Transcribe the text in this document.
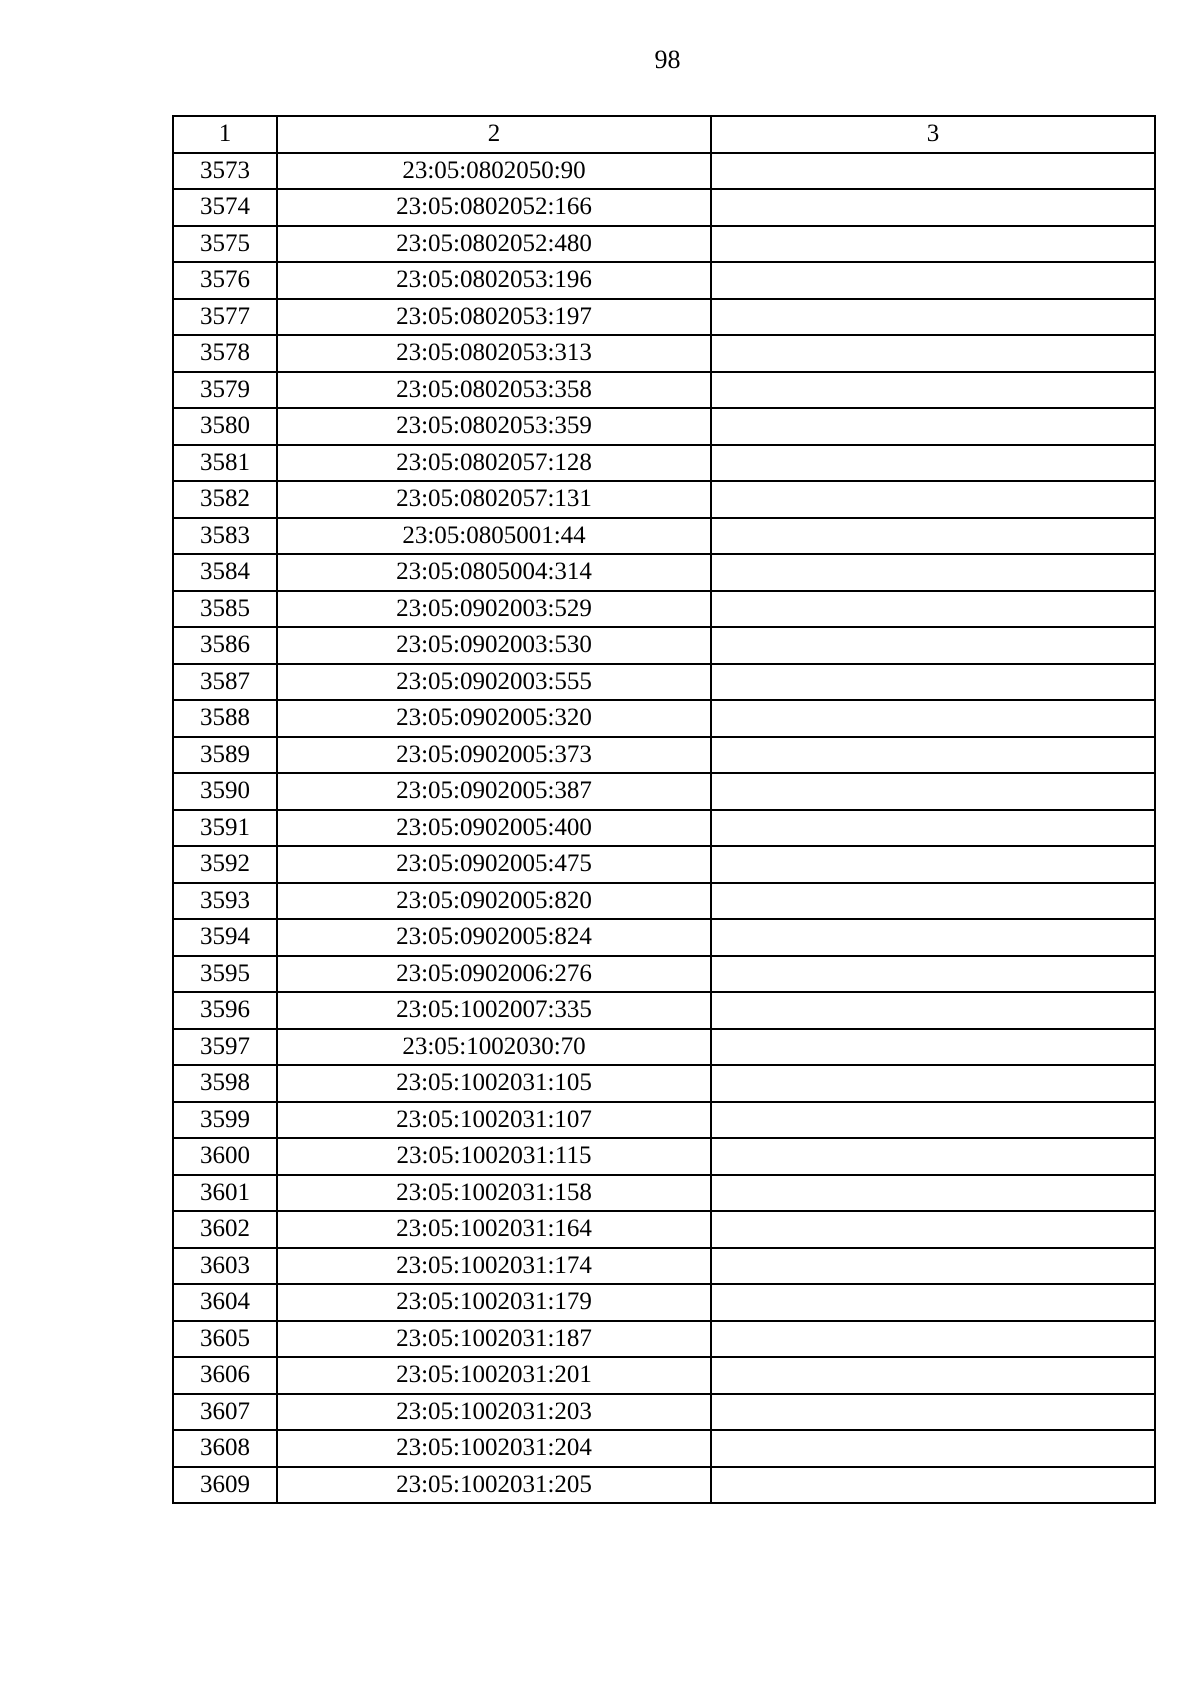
98
1	2	3
3573	23:05:0802050:90	
3574	23:05:0802052:166	
3575	23:05:0802052:480	
3576	23:05:0802053:196	
3577	23:05:0802053:197	
3578	23:05:0802053:313	
3579	23:05:0802053:358	
3580	23:05:0802053:359	
3581	23:05:0802057:128	
3582	23:05:0802057:131	
3583	23:05:0805001:44	
3584	23:05:0805004:314	
3585	23:05:0902003:529	
3586	23:05:0902003:530	
3587	23:05:0902003:555	
3588	23:05:0902005:320	
3589	23:05:0902005:373	
3590	23:05:0902005:387	
3591	23:05:0902005:400	
3592	23:05:0902005:475	
3593	23:05:0902005:820	
3594	23:05:0902005:824	
3595	23:05:0902006:276	
3596	23:05:1002007:335	
3597	23:05:1002030:70	
3598	23:05:1002031:105	
3599	23:05:1002031:107	
3600	23:05:1002031:115	
3601	23:05:1002031:158	
3602	23:05:1002031:164	
3603	23:05:1002031:174	
3604	23:05:1002031:179	
3605	23:05:1002031:187	
3606	23:05:1002031:201	
3607	23:05:1002031:203	
3608	23:05:1002031:204	
3609	23:05:1002031:205	
